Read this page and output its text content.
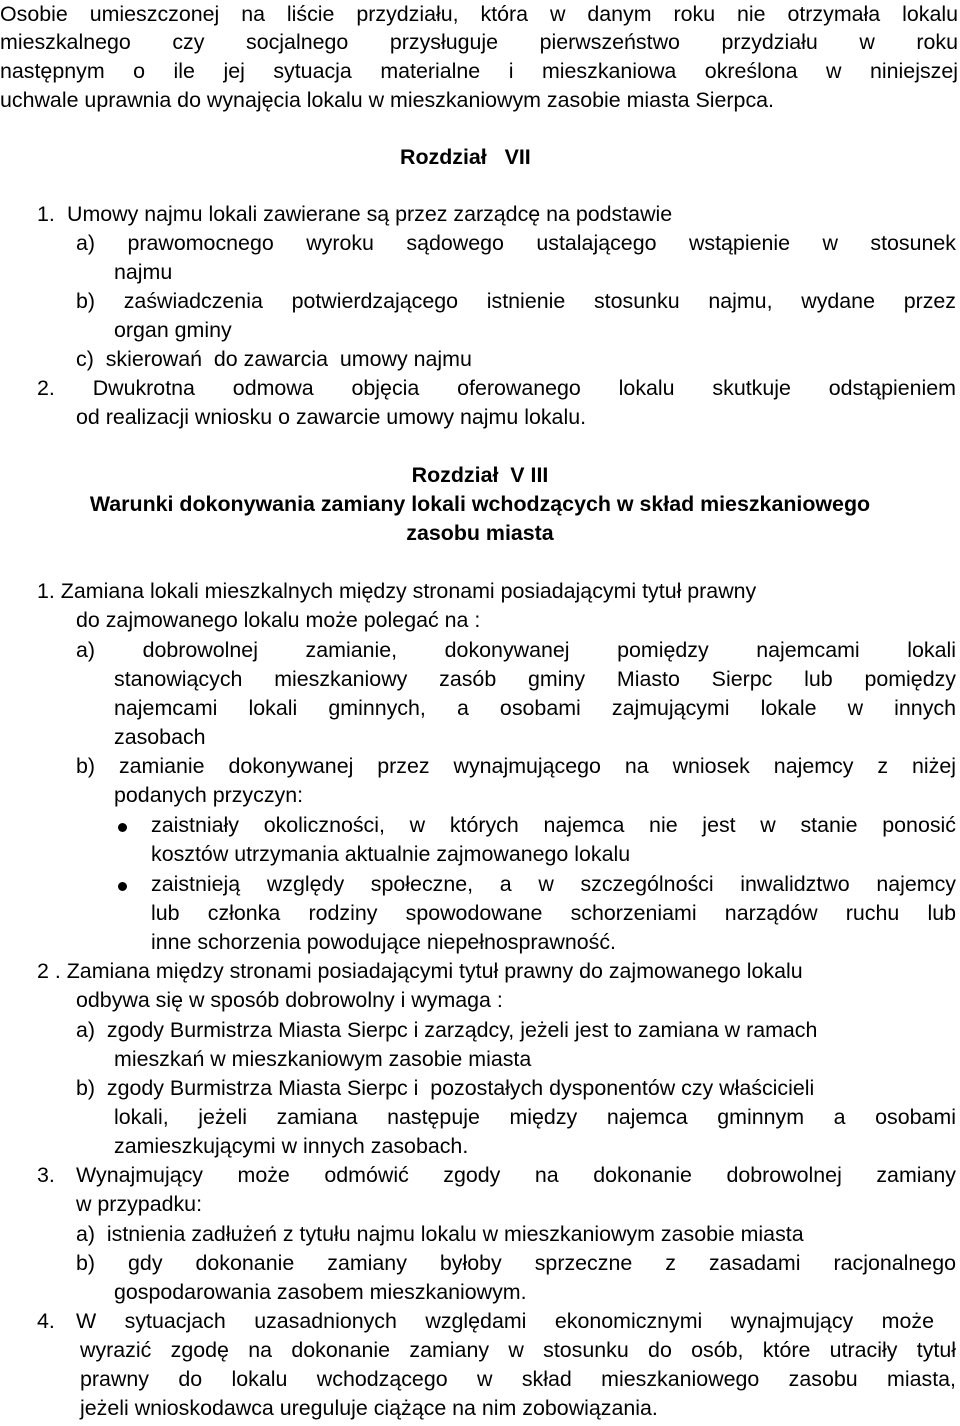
Osobie umieszczonej na liście przydziału, która w danym roku nie otrzymała lokalu
mieszkalnego czy socjalnego przysługuje pierwszeństwo przydziału w roku
następnym o ile jej sytuacja materialne i mieszkaniowa określona w niniejszej
uchwale uprawnia do wynajęcia lokalu w mieszkaniowym zasobie miasta Sierpca.
Rozdział   VII
1. Umowy najmu lokali zawierane są przez zarządcę na podstawie
a) prawomocnego wyroku sądowego ustalającego wstąpienie w stosunek
najmu
b) zaświadczenia potwierdzającego istnienie stosunku najmu, wydane przez
organ gminy
c)  skierowań  do zawarcia  umowy najmu
2. Dwukrotna odmowa objęcia oferowanego lokalu skutkuje odstąpieniem
od realizacji wniosku o zawarcie umowy najmu lokalu.
Rozdział  V III
Warunki dokonywania zamiany lokali wchodzących w skład mieszkaniowego
zasobu miasta
1. Zamiana lokali mieszkalnych między stronami posiadającymi tytuł prawny
do zajmowanego lokalu może polegać na :
a) dobrowolnej zamianie, dokonywanej pomiędzy najemcami lokali
stanowiących mieszkaniowy zasób gminy Miasto Sierpc lub pomiędzy
najemcami lokali gminnych, a osobami zajmującymi lokale w innych
zasobach
b) zamianie dokonywanej przez wynajmującego na wniosek najemcy z niżej
podanych przyczyn:
zaistniały okoliczności, w których najemca nie jest w stanie ponosić
kosztów utrzymania aktualnie zajmowanego lokalu
zaistnieją względy społeczne, a w szczególności inwalidztwo najemcy
lub członka rodziny spowodowane schorzeniami narządów ruchu lub
inne schorzenia powodujące niepełnosprawność.
2 . Zamiana między stronami posiadającymi tytuł prawny do zajmowanego lokalu
odbywa się w sposób dobrowolny i wymaga :
a)  zgody Burmistrza Miasta Sierpc i zarządcy, jeżeli jest to zamiana w ramach
mieszkań w mieszkaniowym zasobie miasta
b)  zgody Burmistrza Miasta Sierpc i  pozostałych dysponentów czy właścicieli
lokali, jeżeli zamiana następuje między najemca gminnym a osobami
zamieszkującymi w innych zasobach.
3. Wynajmujący może odmówić zgody na dokonanie dobrowolnej zamiany
w przypadku:
a)  istnienia zadłużeń z tytułu najmu lokalu w mieszkaniowym zasobie miasta
b) gdy dokonanie zamiany byłoby sprzeczne z zasadami racjonalnego
gospodarowania zasobem mieszkaniowym.
4. W sytuacjach uzasadnionych względami ekonomicznymi wynajmujący może
wyrazić zgodę na dokonanie zamiany w stosunku do osób, które utraciły tytuł
prawny do lokalu wchodzącego w skład mieszkaniowego zasobu miasta,
jeżeli wnioskodawca ureguluje ciążące na nim zobowiązania.
